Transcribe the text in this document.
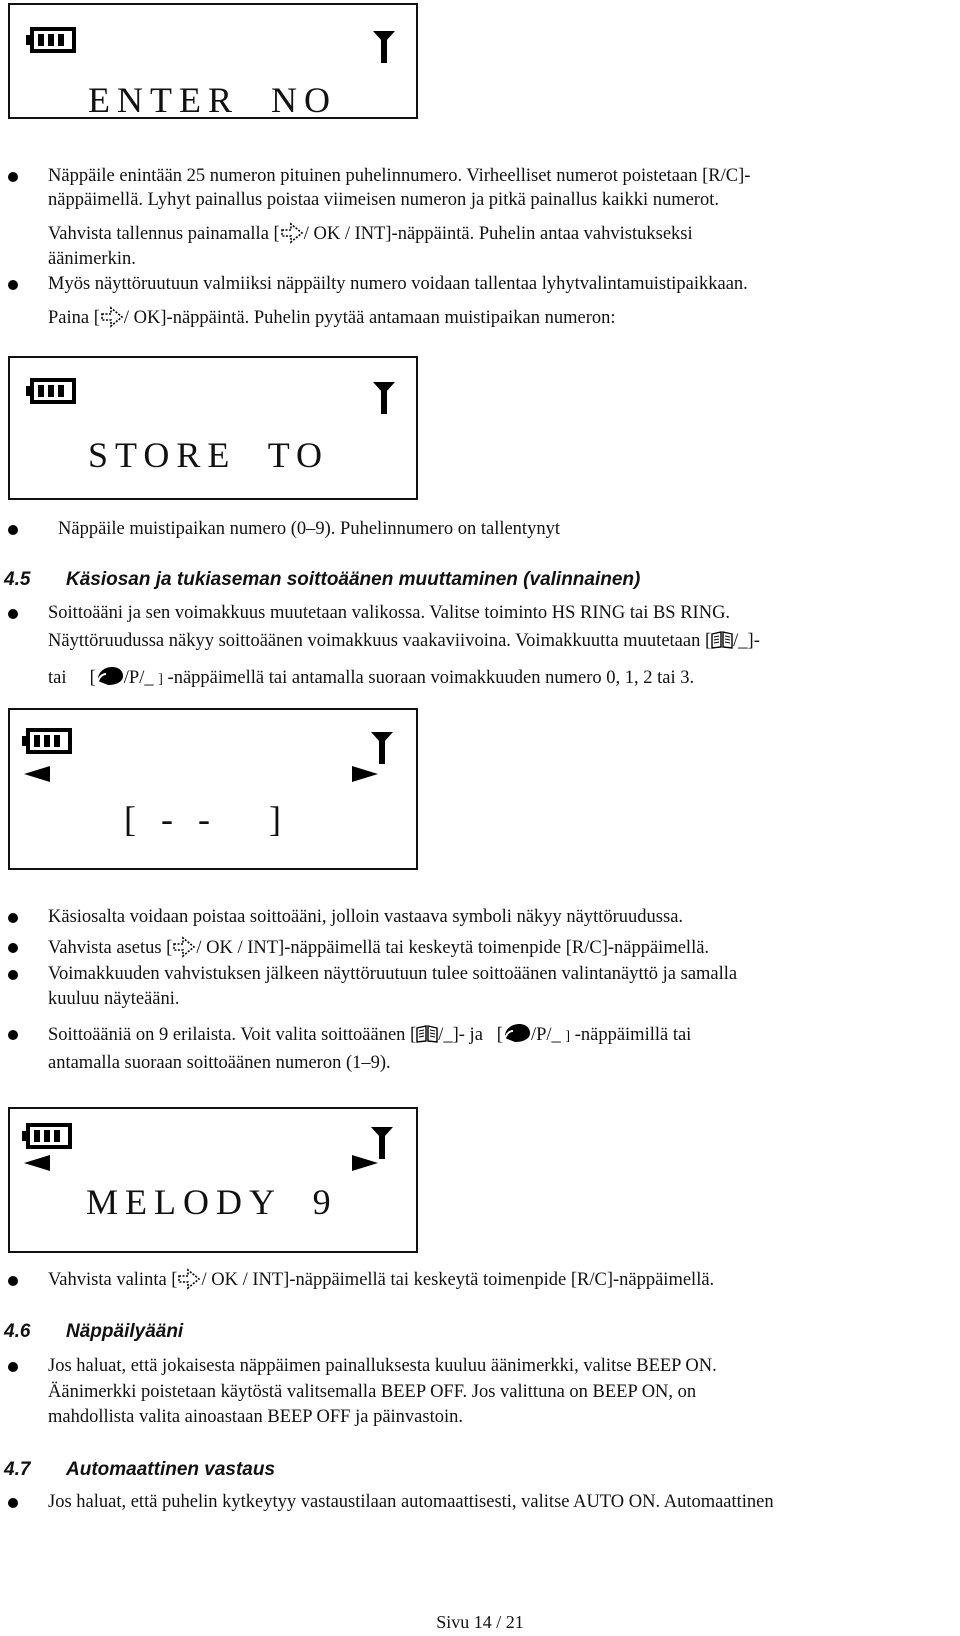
ENTER  NO
Näppäile enintään 25 numeron pituinen puhelinnumero. Virheelliset numerot poistetaan [R/C]-
näppäimellä. Lyhyt painallus poistaa viimeisen numeron ja pitkä painallus kaikki numerot.
Vahvista tallennus painamalla [ / OK / INT]-näppäintä. Puhelin antaa vahvistukseksi
äänimerkin.
Myös näyttöruutuun valmiiksi näppäilty numero voidaan tallentaa lyhytvalintamuistipaikkaan.
Paina [ / OK]-näppäintä. Puhelin pyytää antamaan muistipaikan numeron:
STORE  TO
Näppäile muistipaikan numero (0–9). Puhelinnumero on tallentynyt
4.5 Käsiosan ja tukiaseman soittoäänen muuttaminen (valinnainen)
Soittoääni ja sen voimakkuus muutetaan valikossa. Valitse toiminto HS RING tai BS RING.
Näyttöruudussa näkyy soittoäänen voimakkuus vaakaviivoina. Voimakkuutta muutetaan [ /_]-
tai [ /P/_ ] -näppäimellä tai antamalla suoraan voimakkuuden numero 0, 1, 2 tai 3.
[ - -   ]
Käsiosalta voidaan poistaa soittoääni, jolloin vastaava symboli näkyy näyttöruudussa.
Vahvista asetus [ / OK / INT]-näppäimellä tai keskeytä toimenpide [R/C]-näppäimellä.
Voimakkuuden vahvistuksen jälkeen näyttöruutuun tulee soittoäänen valintanäyttö ja samalla
kuuluu näyteääni.
Soittoääniä on 9 erilaista. Voit valita soittoäänen [ /_]- ja [ /P/_ ] -näppäimillä tai
antamalla suoraan soittoäänen numeron (1–9).
MELODY  9
Vahvista valinta [ / OK / INT]-näppäimellä tai keskeytä toimenpide [R/C]-näppäimellä.
4.6 Näppäilyääni
Jos haluat, että jokaisesta näppäimen painalluksesta kuuluu äänimerkki, valitse BEEP ON.
Äänimerkki poistetaan käytöstä valitsemalla BEEP OFF. Jos valittuna on BEEP ON, on
mahdollista valita ainoastaan BEEP OFF ja päinvastoin.
4.7 Automaattinen vastaus
Jos haluat, että puhelin kytkeytyy vastaustilaan automaattisesti, valitse AUTO ON. Automaattinen
Sivu 14 / 21
